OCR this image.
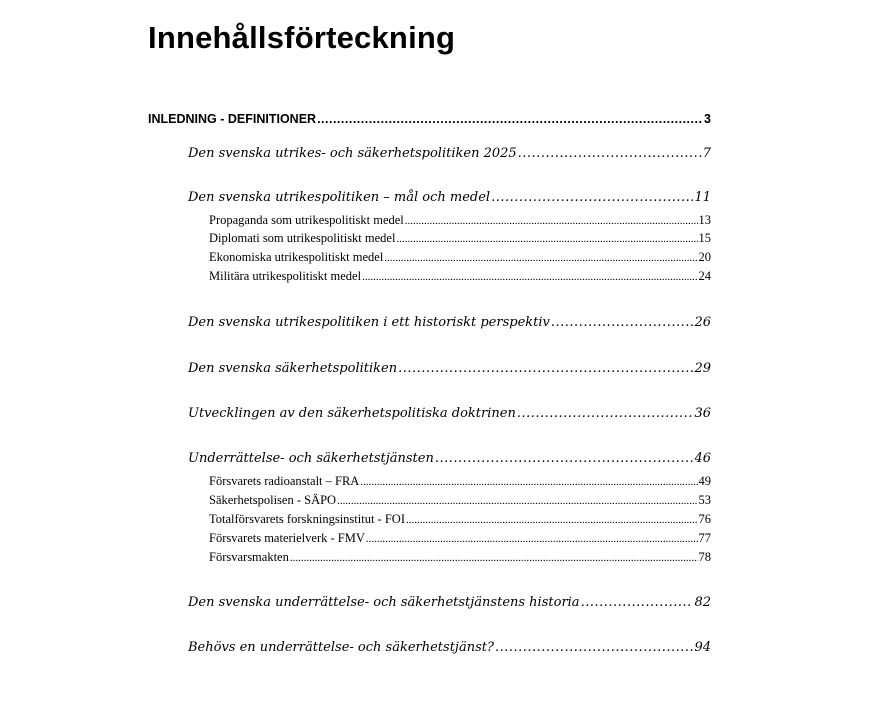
Innehållsförteckning
INLEDNING - DEFINITIONER .....	3
Den svenska utrikes- och säkerhetspolitiken 2025 .....	7
Den svenska utrikespolitiken – mål och medel .....	11
Propaganda som utrikespolitiskt medel .....	13
Diplomati som utrikespolitiskt medel .....	15
Ekonomiska utrikespolitiskt medel .....	20
Militära utrikespolitiskt medel .....	24
Den svenska utrikespolitiken i ett historiskt perspektiv .....	26
Den svenska säkerhetspolitiken .....	29
Utvecklingen av den säkerhetspolitiska doktrinen .....	36
Underrättelse- och säkerhetstjänsten .....	46
Försvarets radioanstalt – FRA .....	49
Säkerhetspolisen - SÄPO .....	53
Totalförsvarets forskningsinstitut - FOI .....	76
Försvarets materielverk - FMV .....	77
Försvarsmakten .....	78
Den svenska underrättelse- och säkerhetstjänstens historia .....	82
Behövs en underrättelse- och säkerhetstjänst? .....	94
